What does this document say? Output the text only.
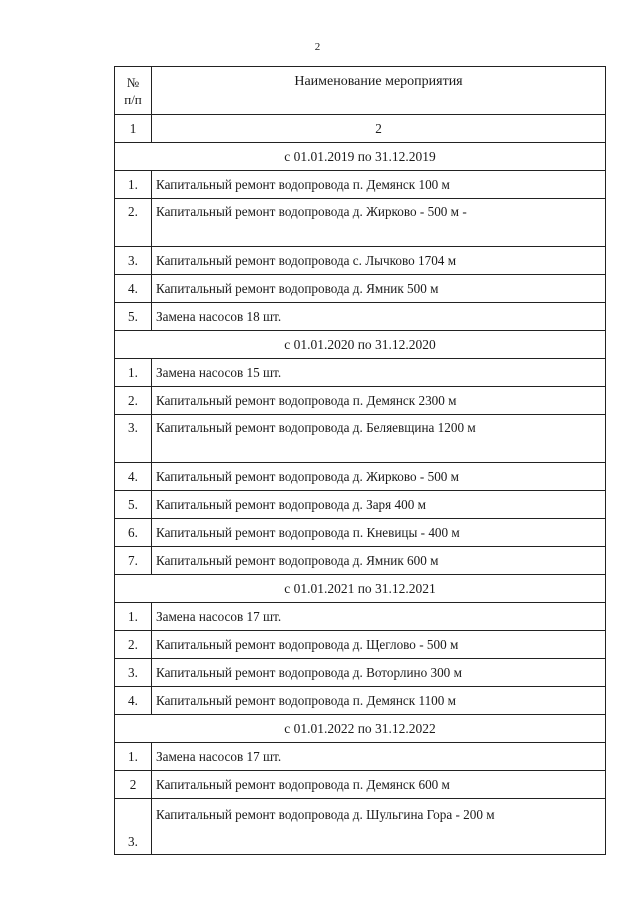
2
№
п/п	Наименование мероприятия
1	2
с 01.01.2019 по 31.12.2019	
1.	Капитальный ремонт водопровода п. Демянск 100 м
2.	Капитальный ремонт водопровода д. Жирково - 500 м -
3.	Капитальный ремонт водопровода с. Лычково 1704 м
4.	Капитальный ремонт водопровода д. Ямник 500 м
5.	Замена насосов 18 шт.
с 01.01.2020 по 31.12.2020	
1.	Замена насосов 15 шт.
2.	Капитальный ремонт водопровода п. Демянск 2300 м
3.	Капитальный ремонт водопровода д. Беляевщина 1200 м
4.	Капитальный ремонт водопровода д. Жирково - 500 м
5.	Капитальный ремонт водопровода д. Заря 400 м
6.	Капитальный ремонт водопровода п. Кневицы - 400 м
7.	Капитальный ремонт водопровода д. Ямник 600 м
с 01.01.2021 по 31.12.2021	
1.	Замена насосов 17 шт.
2.	Капитальный ремонт водопровода д. Щеглово - 500 м
3.	Капитальный ремонт водопровода д. Воторлино 300 м
4.	Капитальный ремонт водопровода п. Демянск 1100 м
с 01.01.2022 по 31.12.2022	
1.	Замена насосов 17 шт.
2	Капитальный ремонт водопровода п. Демянск 600 м
3.	Капитальный ремонт водопровода д. Шульгина Гора - 200 м
